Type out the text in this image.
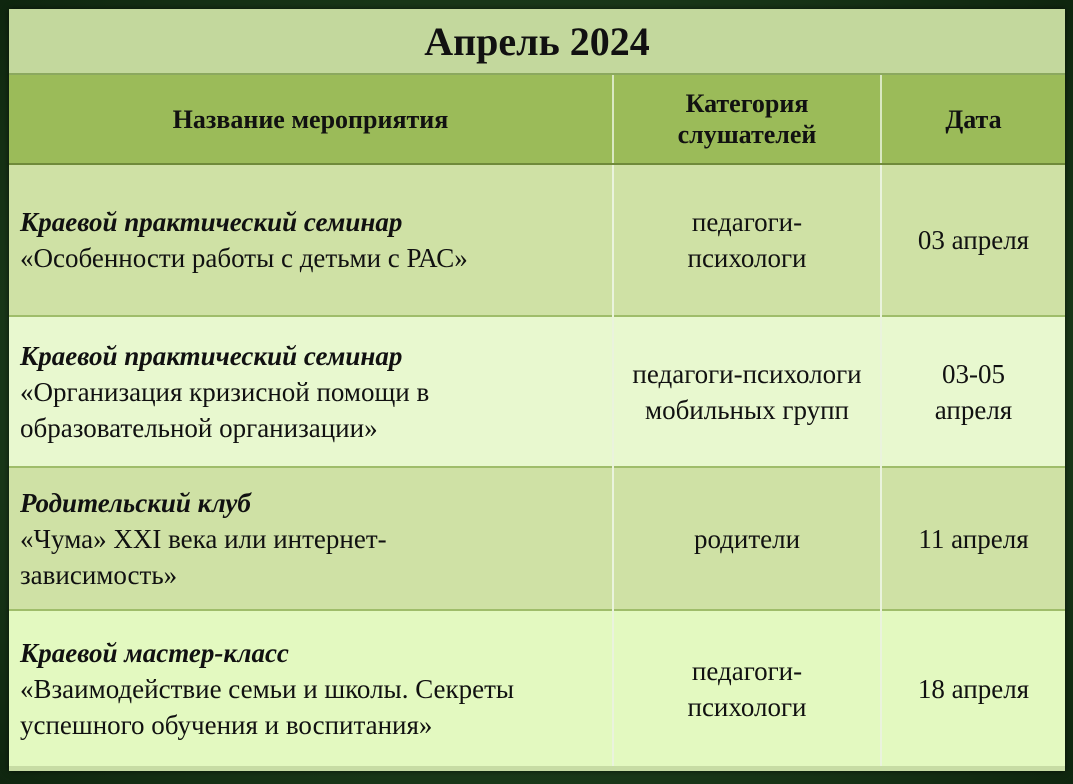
Апрель 2024		
Название мероприятия	Категория слушателей	Дата

Краевой практический семинар
«Особенности работы с детьми с РАС»	педагоги-психологи	03 апреля

Краевой практический семинар
«Организация кризисной помощи в образовательной организации»	педагоги-психологи мобильных групп	03-05 апреля

Родительский клуб
«Чума» XXI века или интернет-зависимость»	родители	11 апреля

Краевой мастер-класс
«Взаимодействие семьи и школы. Секреты успешного обучения и воспитания»	педагоги-психологи	18 апреля
